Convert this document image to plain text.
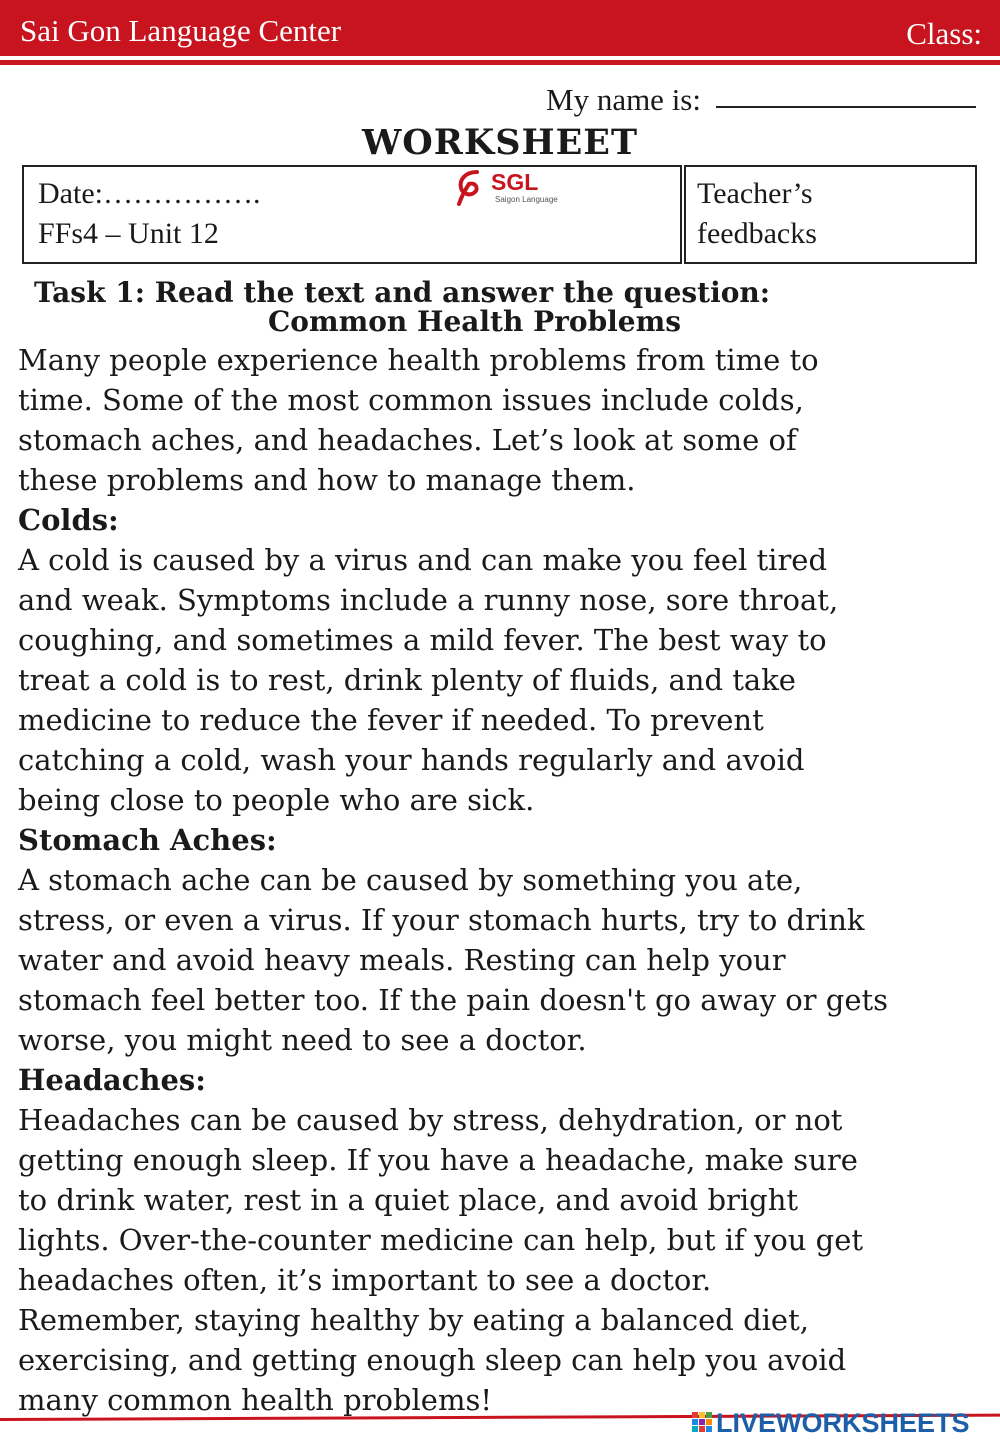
Sai Gon Language Center	Class:
My name is:
WORKSHEET
Date:…………….
FFs4 – Unit 12
Teacher’s
feedbacks
SGL
Saigon Language
Task 1: Read the text and answer the question:
Common Health Problems

Many people experience health problems from time to
time. Some of the most common issues include colds,
stomach aches, and headaches. Let’s look at some of
these problems and how to manage them.

Colds:

A cold is caused by a virus and can make you feel tired
and weak. Symptoms include a runny nose, sore throat,
coughing, and sometimes a mild fever. The best way to
treat a cold is to rest, drink plenty of fluids, and take
medicine to reduce the fever if needed. To prevent
catching a cold, wash your hands regularly and avoid
being close to people who are sick.

Stomach Aches:

A stomach ache can be caused by something you ate,
stress, or even a virus. If your stomach hurts, try to drink
water and avoid heavy meals. Resting can help your
stomach feel better too. If the pain doesn't go away or gets
worse, you might need to see a doctor.

Headaches:

Headaches can be caused by stress, dehydration, or not
getting enough sleep. If you have a headache, make sure
to drink water, rest in a quiet place, and avoid bright
lights. Over-the-counter medicine can help, but if you get
headaches often, it’s important to see a doctor.
Remember, staying healthy by eating a balanced diet,
exercising, and getting enough sleep can help you avoid
many common health problems!

LIVEWORKSHEETS
